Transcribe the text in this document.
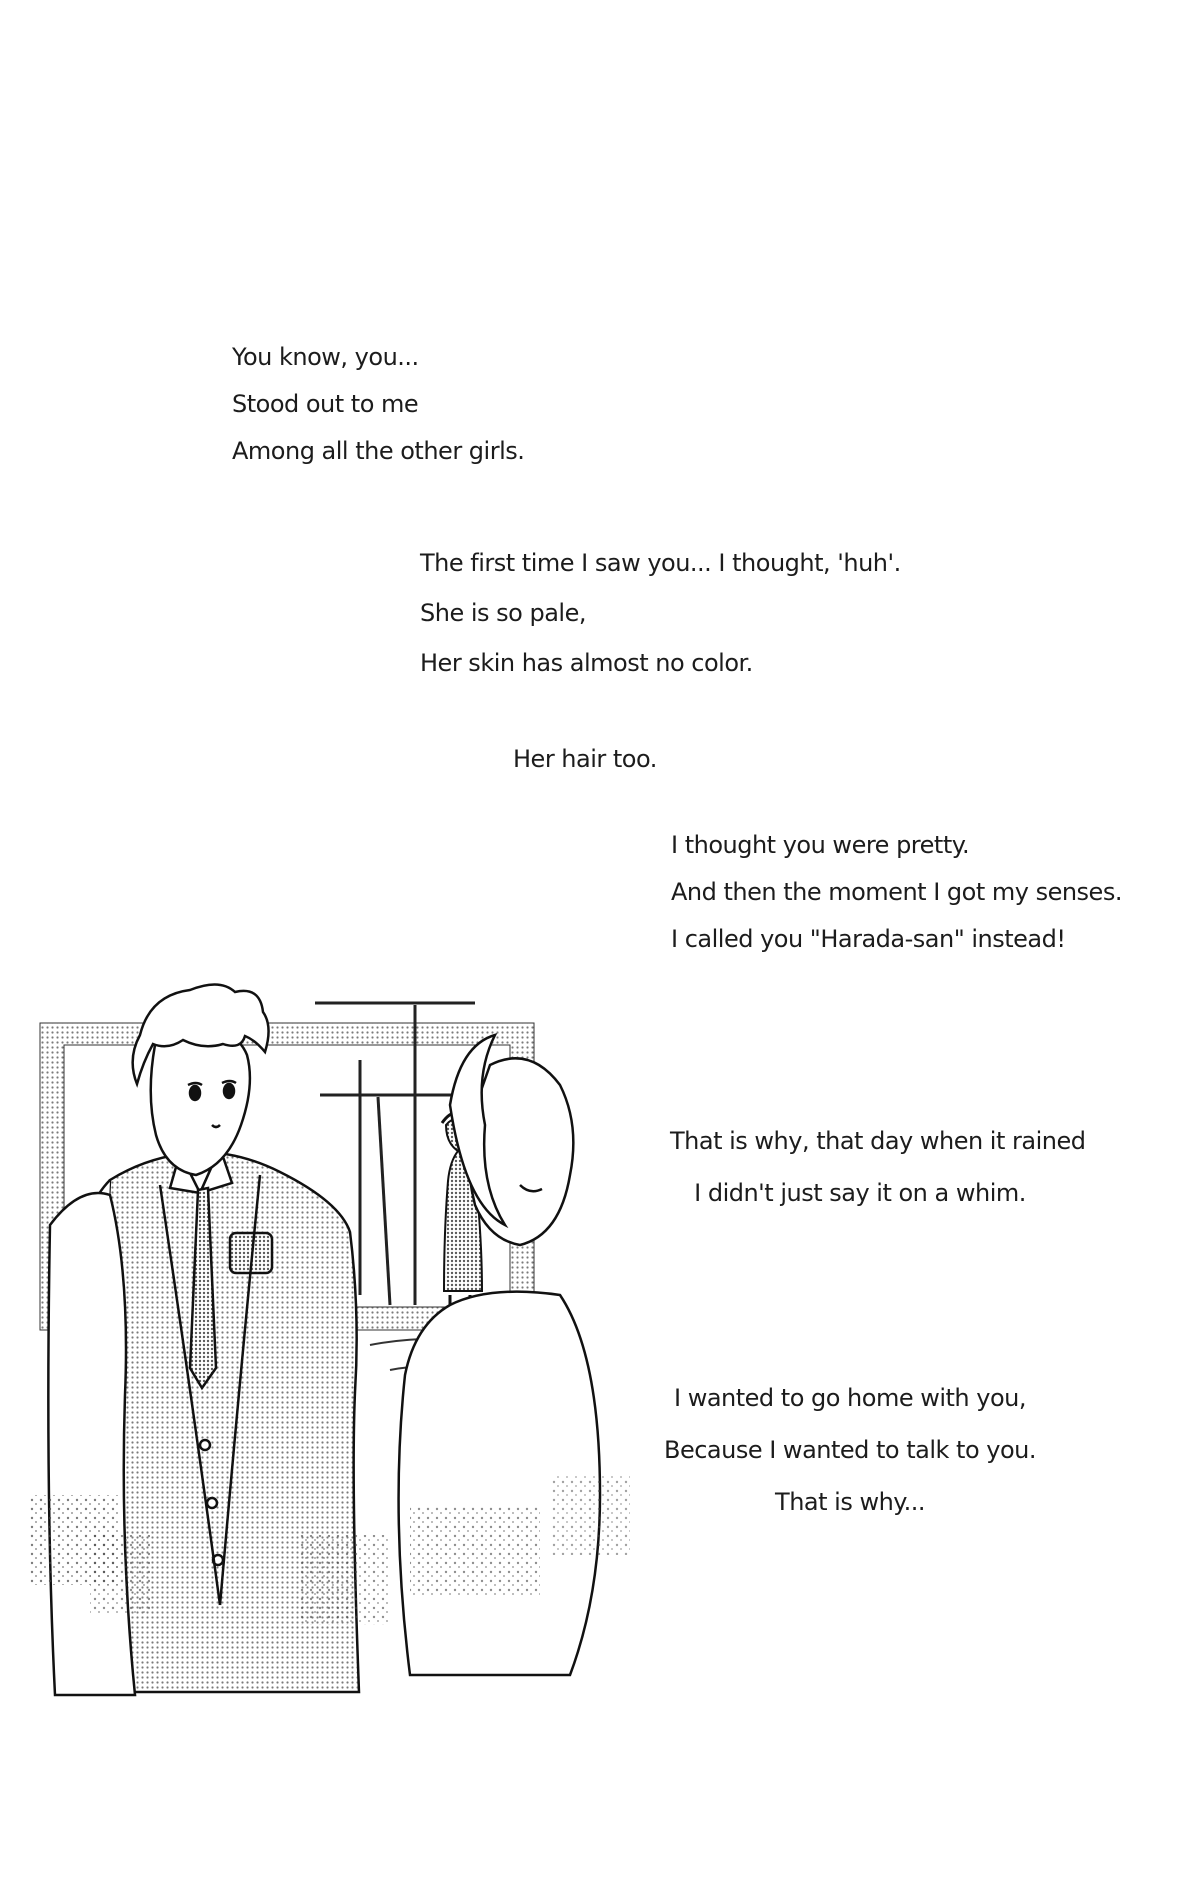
You know, you...
Stood out to me
Among all the other girls.
The first time I saw you... I thought, 'huh'.
She is so pale,
Her skin has almost no color.
Her hair too.
I thought you were pretty.
And then the moment I got my senses.
I called you "Harada-san" instead!
That is why, that day when it rained
I didn't just say it on a whim.
I wanted to go home with you,
Because I wanted to talk to you.
That is why...
